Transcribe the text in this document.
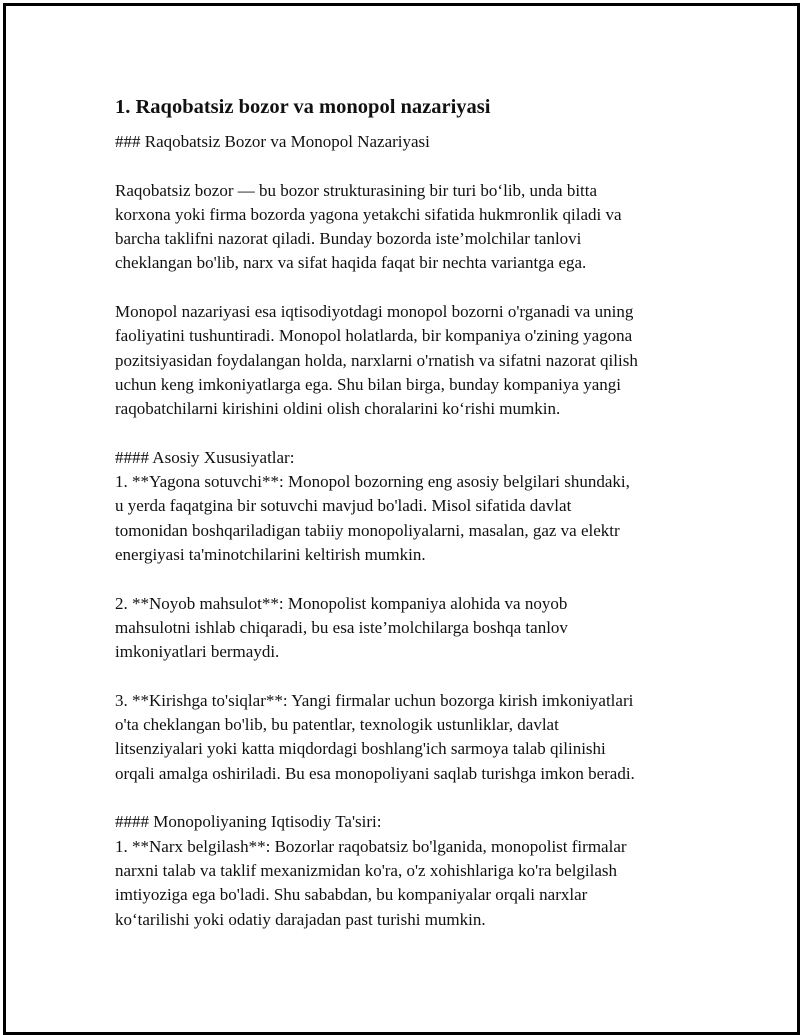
1. Raqobatsiz bozor va monopol nazariyasi

### Raqobatsiz Bozor va Monopol Nazariyasi

Raqobatsiz bozor — bu bozor strukturasining bir turi bo‘lib, unda bitta

korxona yoki firma bozorda yagona yetakchi sifatida hukmronlik qiladi va

barcha taklifni nazorat qiladi. Bunday bozorda iste’molchilar tanlovi

cheklangan bo'lib, narx va sifat haqida faqat bir nechta variantga ega.

Monopol nazariyasi esa iqtisodiyotdagi monopol bozorni o'rganadi va uning

faoliyatini tushuntiradi. Monopol holatlarda, bir kompaniya o'zining yagona

pozitsiyasidan foydalangan holda, narxlarni o'rnatish va sifatni nazorat qilish

uchun keng imkoniyatlarga ega. Shu bilan birga, bunday kompaniya yangi

raqobatchilarni kirishini oldini olish choralarini ko‘rishi mumkin.

#### Asosiy Xususiyatlar:

1. **Yagona sotuvchi**: Monopol bozorning eng asosiy belgilari shundaki,

u yerda faqatgina bir sotuvchi mavjud bo'ladi. Misol sifatida davlat

tomonidan boshqariladigan tabiiy monopoliyalarni, masalan, gaz va elektr

energiyasi ta'minotchilarini keltirish mumkin.

2. **Noyob mahsulot**: Monopolist kompaniya alohida va noyob

mahsulotni ishlab chiqaradi, bu esa iste’molchilarga boshqa tanlov

imkoniyatlari bermaydi.

3. **Kirishga to'siqlar**: Yangi firmalar uchun bozorga kirish imkoniyatlari

o'ta cheklangan bo'lib, bu patentlar, texnologik ustunliklar, davlat

litsenziyalari yoki katta miqdordagi boshlang'ich sarmoya talab qilinishi

orqali amalga oshiriladi. Bu esa monopoliyani saqlab turishga imkon beradi.

#### Monopoliyaning Iqtisodiy Ta'siri:

1. **Narx belgilash**: Bozorlar raqobatsiz bo'lganida, monopolist firmalar

narxni talab va taklif mexanizmidan ko'ra, o'z xohishlariga ko'ra belgilash

imtiyoziga ega bo'ladi. Shu sababdan, bu kompaniyalar orqali narxlar

ko‘tarilishi yoki odatiy darajadan past turishi mumkin.
